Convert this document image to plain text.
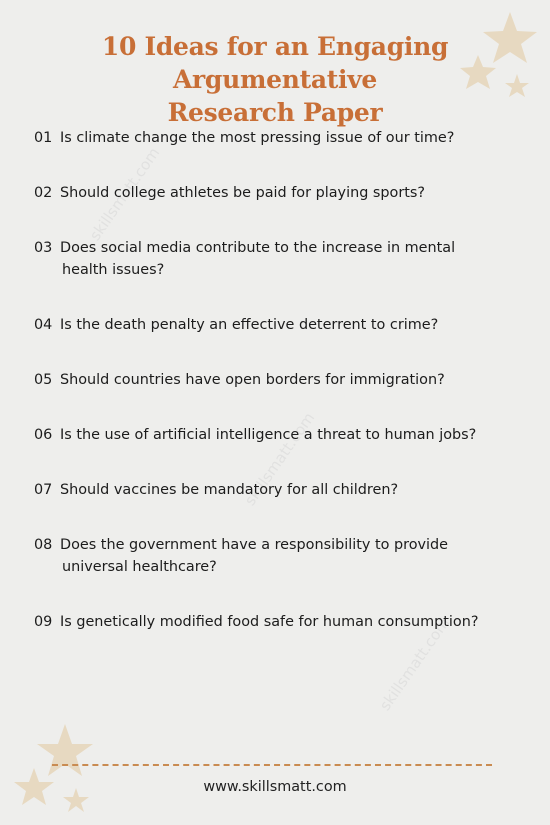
skillsmatt.com
skillsmatt.com
skillsmatt.com
10 Ideas for an Engaging Argumentative
Research Paper
01 Is climate change the most pressing issue of our time?
02 Should college athletes be paid for playing sports?
03 Does social media contribute to the increase in mental
health issues?
04 Is the death penalty an effective deterrent to crime?
05 Should countries have open borders for immigration?
06 Is the use of artificial intelligence a threat to human jobs?
07 Should vaccines be mandatory for all children?
08 Does the government have a responsibility to provide
universal healthcare?
09 Is genetically modified food safe for human consumption?
www.skillsmatt.com
